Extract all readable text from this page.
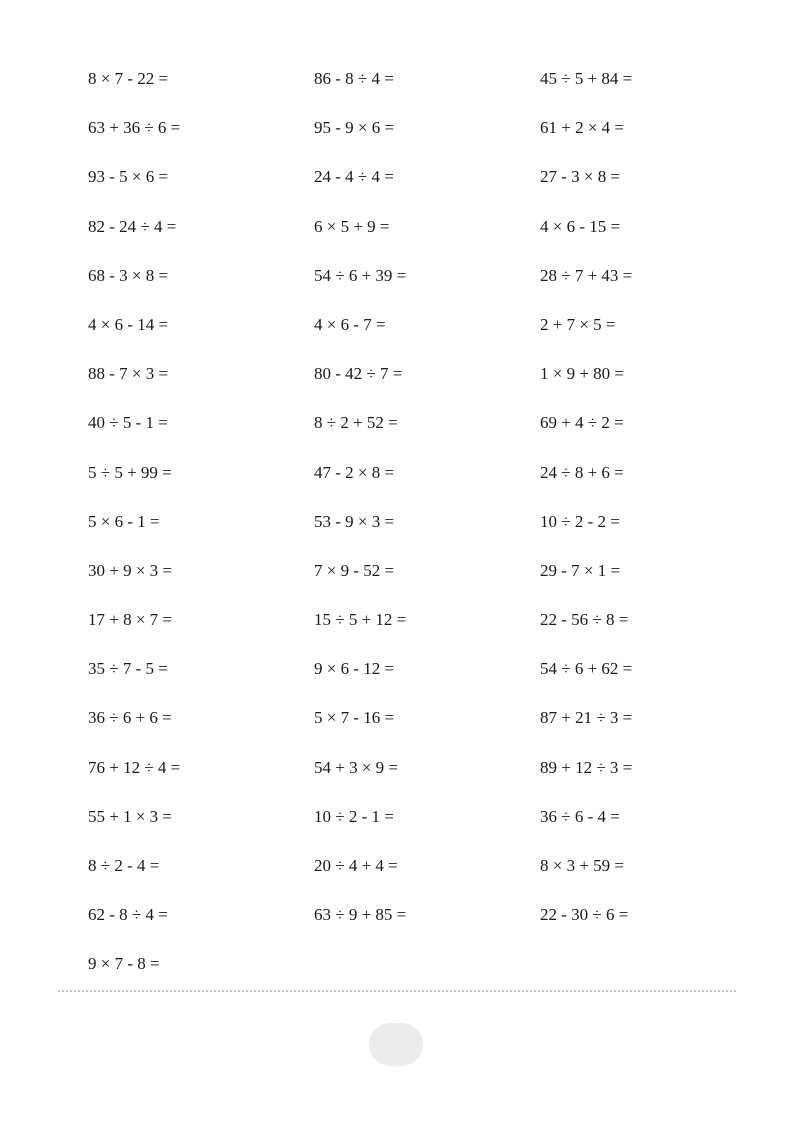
8 × 7 - 22 =	86 - 8 ÷ 4 =	45 ÷ 5 + 84 =
63 + 36 ÷ 6 =	95 - 9 × 6 =	61 + 2 × 4 =
93 - 5 × 6 =	24 - 4 ÷ 4 =	27 - 3 × 8 =
82 - 24 ÷ 4 =	6 × 5 + 9 =	4 × 6 - 15 =
68 - 3 × 8 =	54 ÷ 6 + 39 =	28 ÷ 7 + 43 =
4 × 6 - 14 =	4 × 6 - 7 =	2 + 7 × 5 =
88 - 7 × 3 =	80 - 42 ÷ 7 =	1 × 9 + 80 =
40 ÷ 5 - 1 =	8 ÷ 2 + 52 =	69 + 4 ÷ 2 =
5 ÷ 5 + 99 =	47 - 2 × 8 =	24 ÷ 8 + 6 =
5 × 6 - 1 =	53 - 9 × 3 =	10 ÷ 2 - 2 =
30 + 9 × 3 =	7 × 9 - 52 =	29 - 7 × 1 =
17 + 8 × 7 =	15 ÷ 5 + 12 =	22 - 56 ÷ 8 =
35 ÷ 7 - 5 =	9 × 6 - 12 =	54 ÷ 6 + 62 =
36 ÷ 6 + 6 =	5 × 7 - 16 =	87 + 21 ÷ 3 =
76 + 12 ÷ 4 =	54 + 3 × 9 =	89 + 12 ÷ 3 =
55 + 1 × 3 =	10 ÷ 2 - 1 =	36 ÷ 6 - 4 =
8 ÷ 2 - 4 =	20 ÷ 4 + 4 =	8 × 3 + 59 =
62 - 8 ÷ 4 =	63 ÷ 9 + 85 =	22 - 30 ÷ 6 =
9 × 7 - 8 =
